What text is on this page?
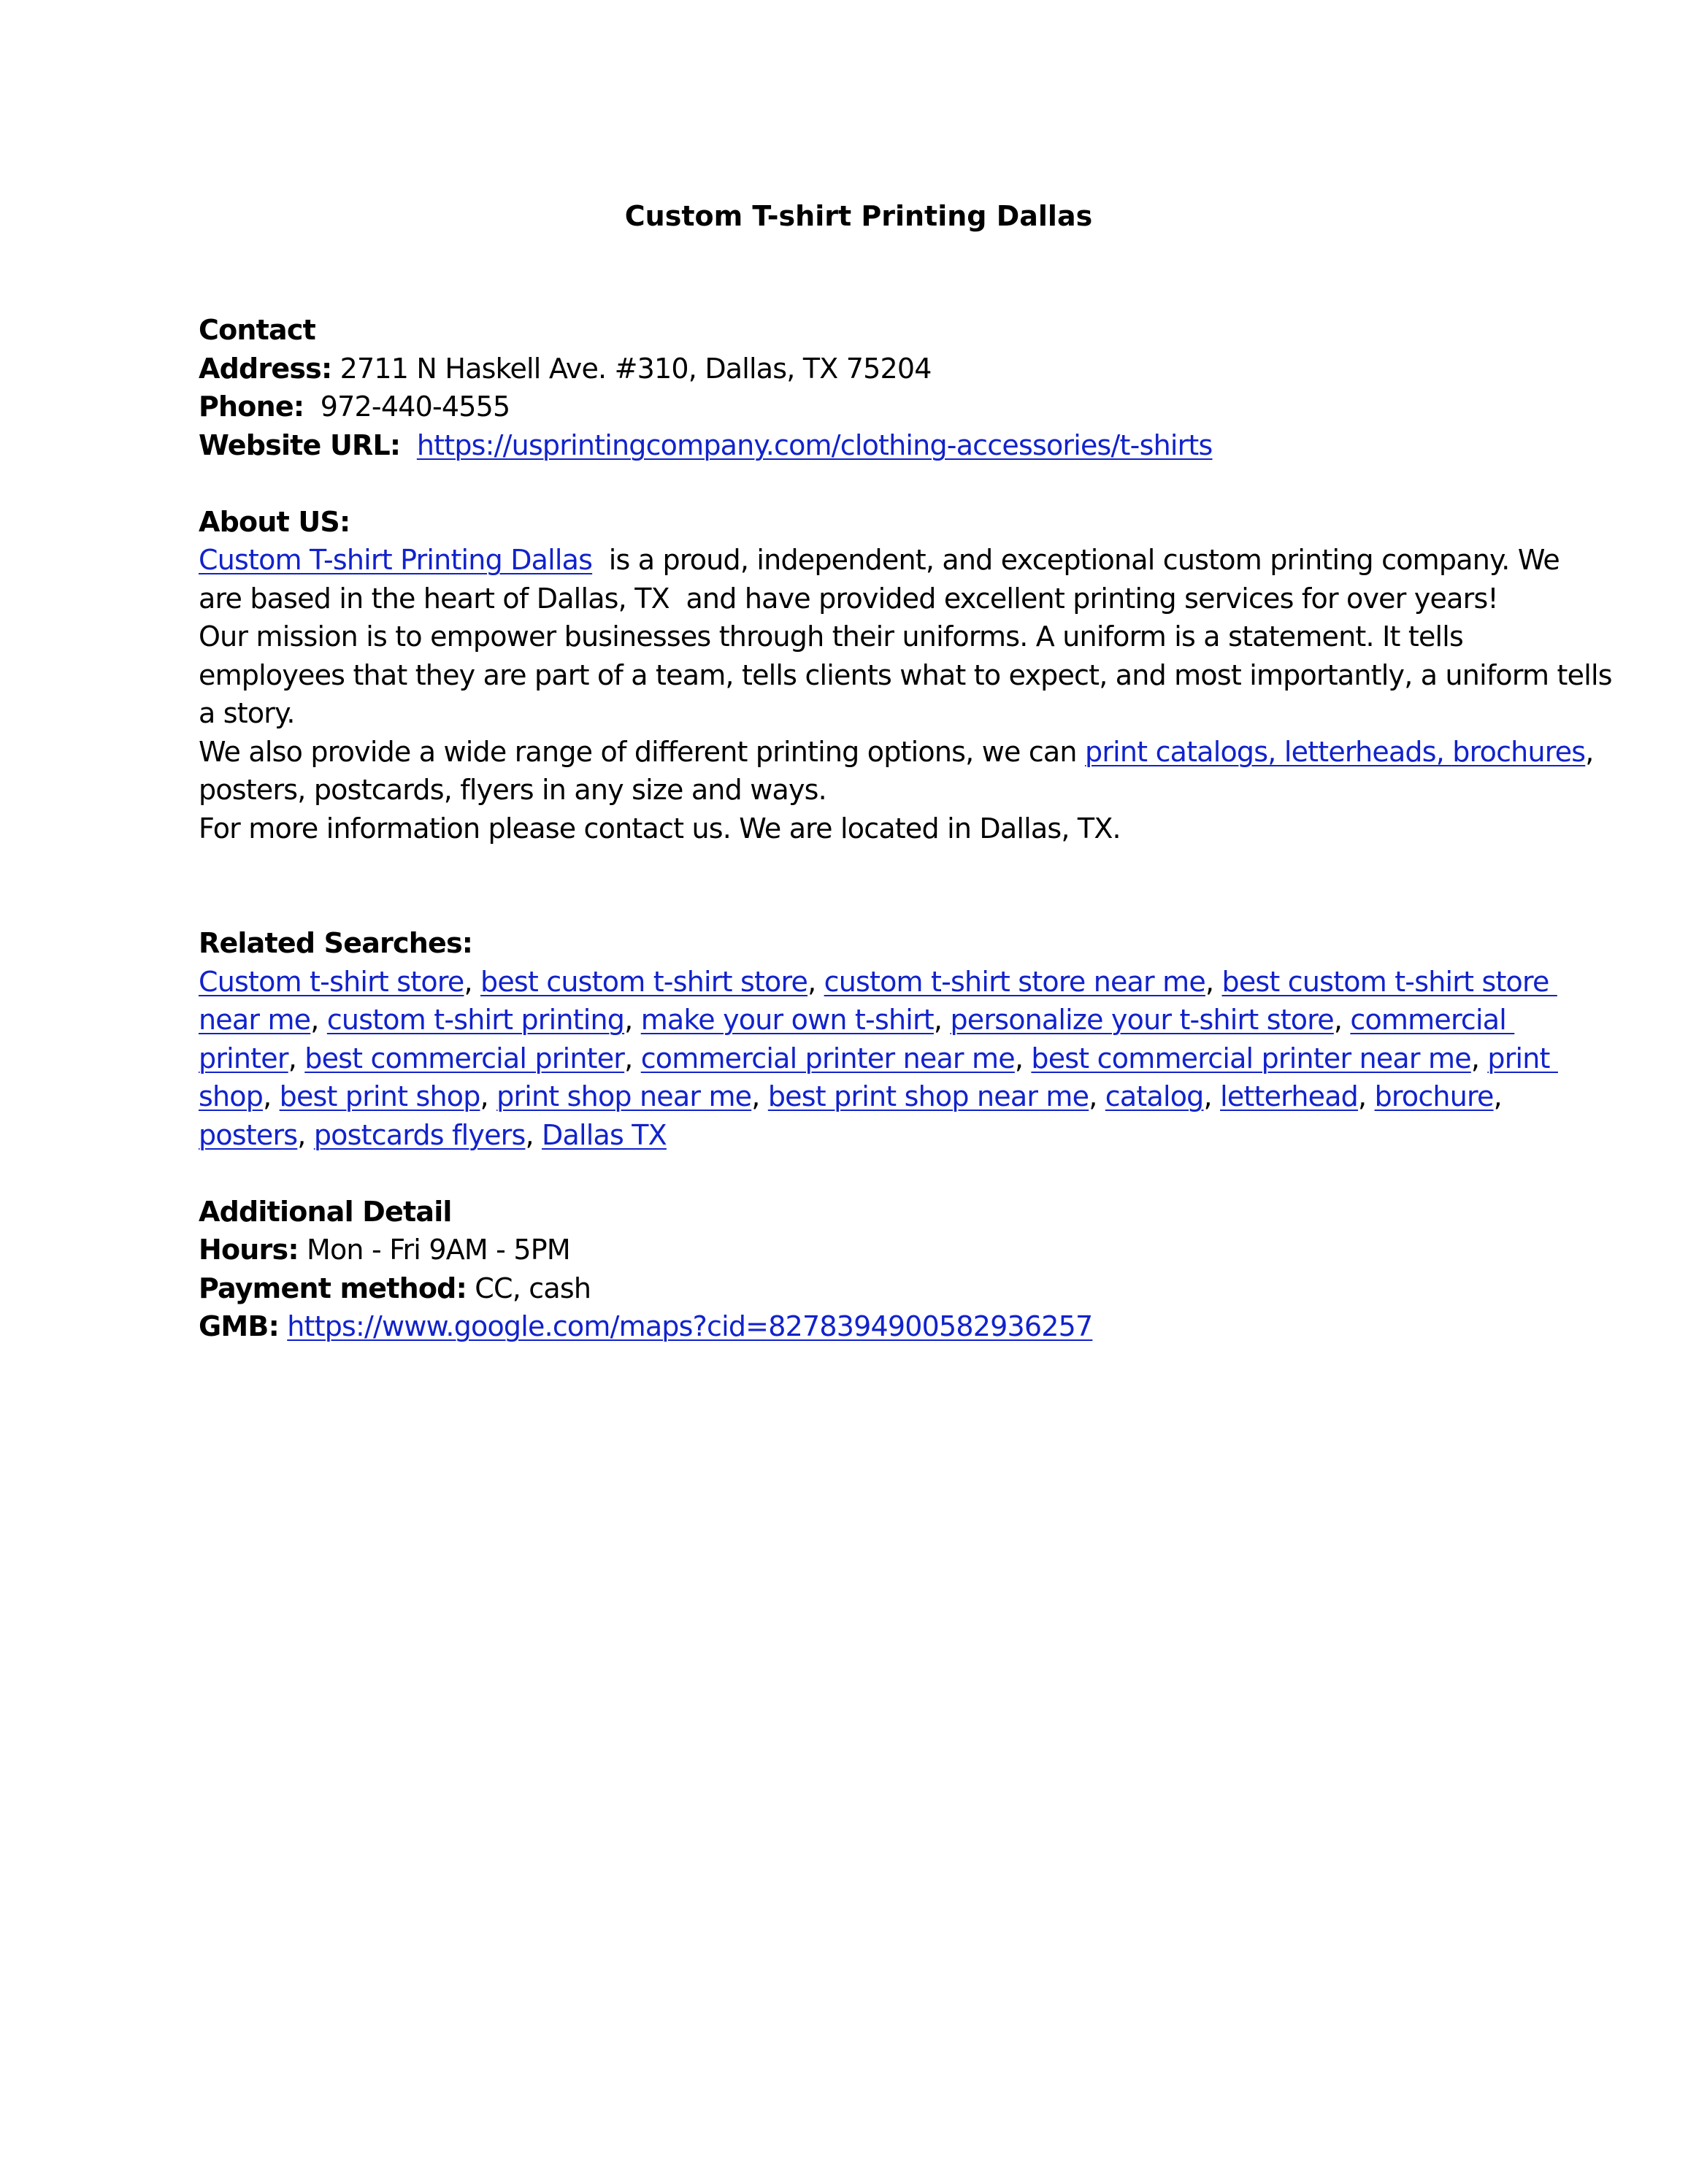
Custom T-shirt Printing Dallas
Contact
Address: 2711 N Haskell Ave. #310, Dallas, TX 75204
Phone: 972-440-4555
Website URL: https://usprintingcompany.com/clothing-accessories/t-shirts
About US:
Custom T-shirt Printing Dallas is a proud, independent, and exceptional custom printing company. We
are based in the heart of Dallas, TX  and have provided excellent printing services for over years!
Our mission is to empower businesses through their uniforms. A uniform is a statement. It tells
employees that they are part of a team, tells clients what to expect, and most importantly, a uniform tells
a story.
We also provide a wide range of different printing options, we can print catalogs, letterheads, brochures,
posters, postcards, flyers in any size and ways.
For more information please contact us. We are located in Dallas, TX.
Related Searches:
Custom t-shirt store, best custom t-shirt store, custom t-shirt store near me, best custom t-shirt store
near me, custom t-shirt printing, make your own t-shirt, personalize your t-shirt store, commercial
printer, best commercial printer, commercial printer near me, best commercial printer near me, print
shop, best print shop, print shop near me, best print shop near me, catalog, letterhead, brochure,
posters, postcards flyers, Dallas TX
Additional Detail
Hours: Mon - Fri 9AM - 5PM
Payment method: CC, cash
GMB: https://www.google.com/maps?cid=8278394900582936257
